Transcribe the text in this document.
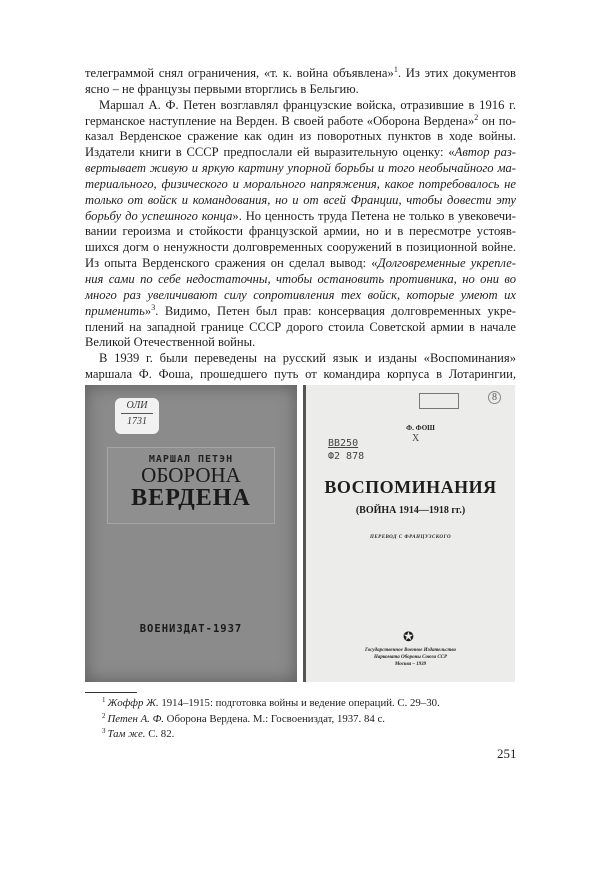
телеграммой снял ограничения, «т. к. война объявлена»$^1$. Из этих документов
ясно – не французы первыми вторглись в Бельгию.
Маршал А. Ф. Петен возглавлял французские войска, отразившие в 1916 г.
германское наступление на Верден. В своей работе «Оборона Вердена»$^2$ он по-
казал Верденское сражение как один из поворотных пунктов в ходе войны.
Издатели книги в СССР предпослали ей выразительную оценку: «Автор раз-
вертывает живую и яркую картину упорной борьбы и того необычайного ма-
териального, физического и морального напряжения, какое потребовалось не
только от войск и командования, но и от всей Франции, чтобы довести эту
борьбу до успешного конца». Но ценность труда Петена не только в увековечи-
вании героизма и стойкости французской армии, но и в пересмотре устояв-
шихся догм о ненужности долговременных сооружений в позиционной войне.
Из опыта Верденского сражения он сделал вывод: «Долговременные укрепле-
ния сами по себе недостаточны, чтобы остановить противника, но они во
много раз увеличивают силу сопротивления тех войск, которые умеют их
применить»$^3$. Видимо, Петен был прав: консервация долговременных укре-
плений на западной границе СССР дорого стоила Советской армии в начале
Великой Отечественной войны.
В 1939 г. были переведены на русский язык и изданы «Воспоминания»
маршала Ф. Фоша, прошедшего путь от командира корпуса в Лотарингии,
ОЛИ
1731
МАРШАЛ ПЕТЭН
ОБОРОНА
ВЕРДЕНА
ВОЕНИЗДАТ-1937
8
Ф. ФОШ
X
ВВ250
Ф2 878
ВОСПОМИНАНИЯ
(ВОЙНА 1914—1918 гг.)
ПЕРЕВОД С ФРАНЦУЗСКОГО
✪
Государственное Военное Издательство
Наркомата Обороны Союза ССР
Москва – 1939
$^1$ Жоффр Ж. 1914–1915: подготовка войны и ведение операций. С. 29–30.
$^2$ Петен А. Ф. Оборона Вердена. М.: Госвоениздат, 1937. 84 с.
$^3$ Там же. С. 82.
251
